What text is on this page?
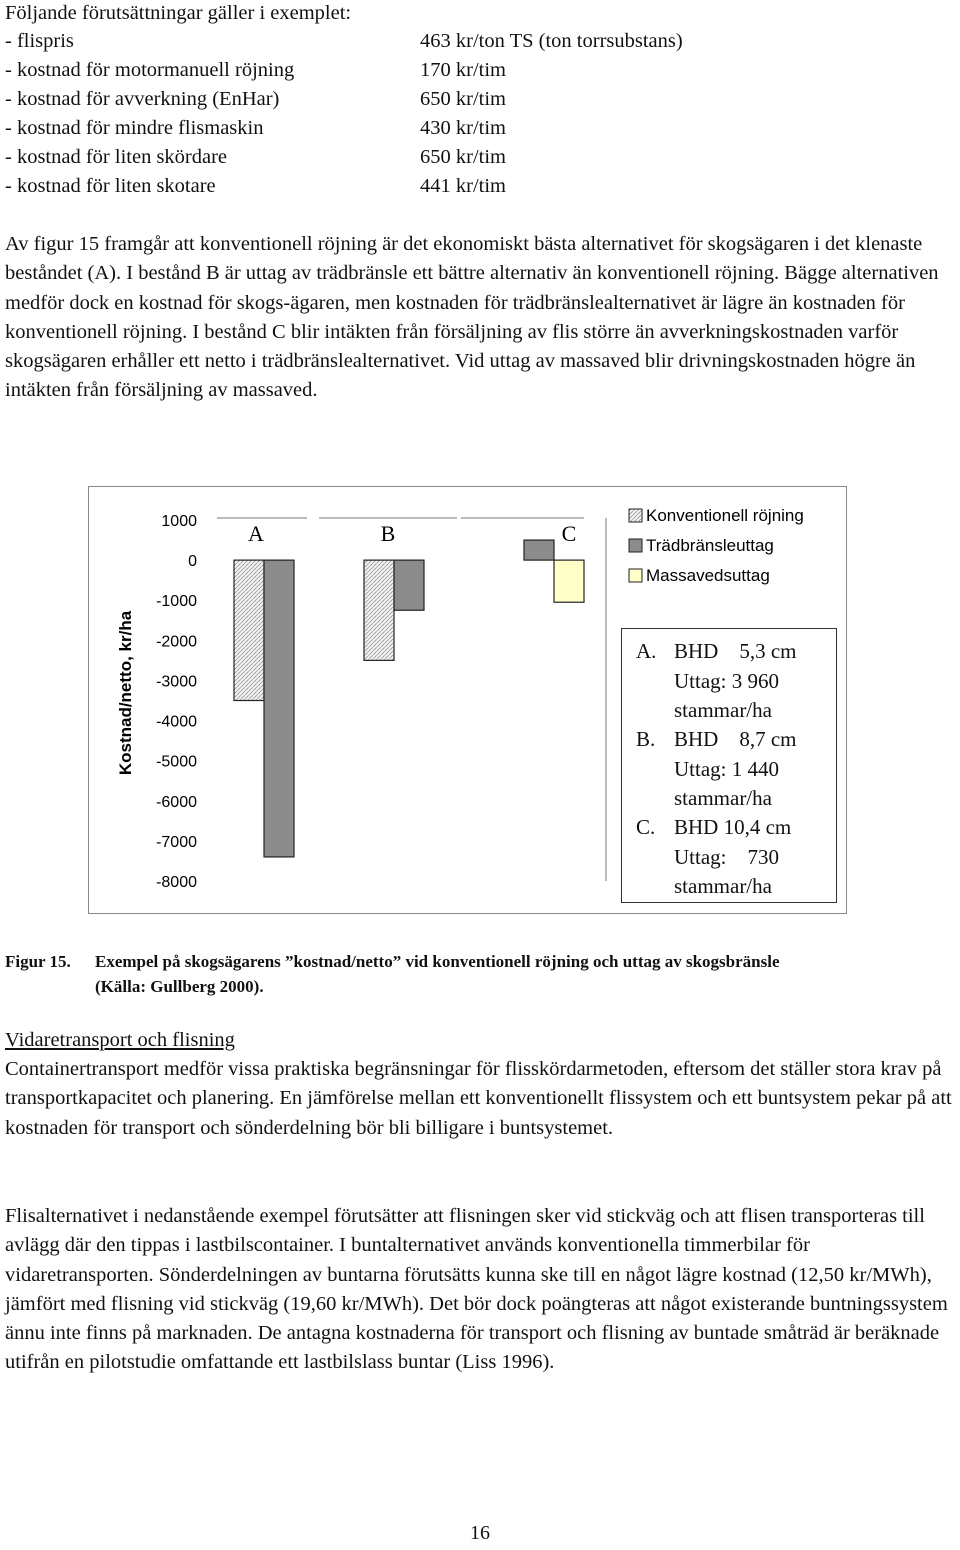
Följande förutsättningar gäller i exemplet:
- flispris	463 kr/ton TS (ton torrsubstans)
- kostnad för motormanuell röjning	170 kr/tim
- kostnad för avverkning (EnHar)	650 kr/tim
- kostnad för mindre flismaskin	430 kr/tim
- kostnad för liten skördare	650 kr/tim
- kostnad för liten skotare	441 kr/tim

Av figur 15 framgår att konventionell röjning är det ekonomiskt bästa alternativet för skogsägaren i det klenaste beståndet (A). I bestånd B är uttag av trädbränsle ett bättre alternativ än konventionell röjning. Bägge alternativen medför dock en kostnad för skogs-ägaren, men kostnaden för trädbränslealternativet är lägre än kostnaden för konventionell röjning. I bestånd C blir intäkten från försäljning av flis större än avverkningskostnaden varför skogsägaren erhåller ett netto i trädbränslealternativet. Vid uttag av massaved blir drivningskostnaden högre än intäkten från försäljning av massaved.

Kostnad/netto, kr/ha
1000
0
-1000
-2000
-3000
-4000
-5000
-6000
-7000
-8000
A	B	C
Konventionell röjning
Trädbränsleuttag
Massavedsuttag
A. BHD    5,3 cm
Uttag: 3 960
stammar/ha
B. BHD    8,7 cm
Uttag: 1 440
stammar/ha
C. BHD 10,4 cm
Uttag:    730
stammar/ha
Figur 15. Exempel på skogsägarens ”kostnad/netto” vid konventionell röjning och uttag av skogsbränsle
(Källa: Gullberg 2000).
Vidaretransport och flisning

Containertransport medför vissa praktiska begränsningar för flisskördarmetoden, eftersom det ställer stora krav på transportkapacitet och planering. En jämförelse mellan ett konventionellt flissystem och ett buntsystem pekar på att kostnaden för transport och sönderdelning bör bli billigare i buntsystemet.

Flisalternativet i nedanstående exempel förutsätter att flisningen sker vid stickväg och att flisen transporteras till avlägg där den tippas i lastbilscontainer. I buntalternativet används konventionella timmerbilar för vidaretransporten. Sönderdelningen av buntarna förutsätts kunna ske till en något lägre kostnad (12,50 kr/MWh), jämfört med flisning vid stickväg (19,60 kr/MWh). Det bör dock poängteras att något existerande buntningssystem ännu inte finns på marknaden. De antagna kostnaderna för transport och flisning av buntade småträd är beräknade utifrån en pilotstudie omfattande ett lastbilslass buntar (Liss 1996).

16
